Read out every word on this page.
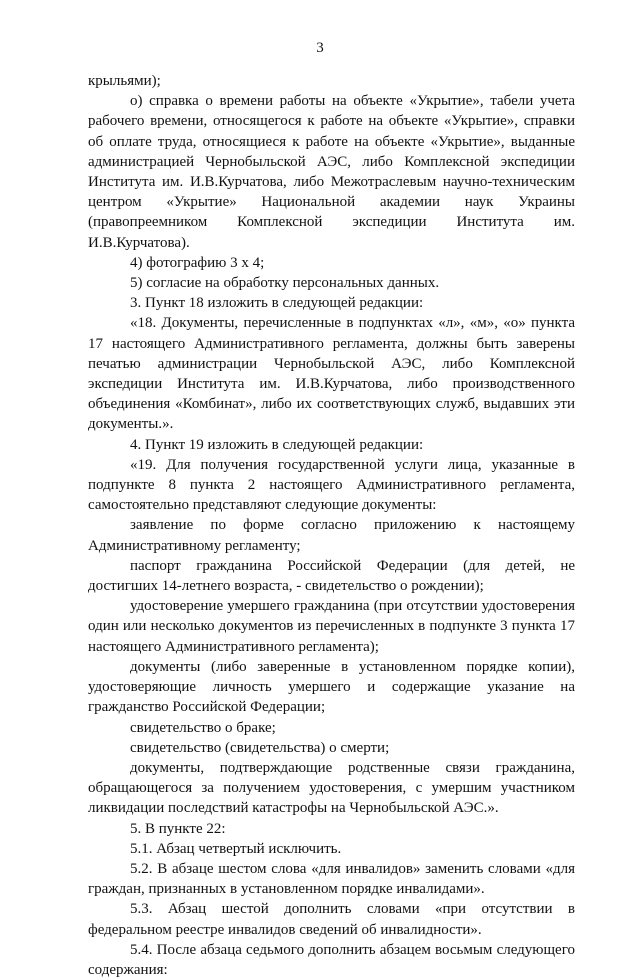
3

крыльями);

о) справка о времени работы на объекте «Укрытие», табели учета рабочего времени, относящегося к работе на объекте «Укрытие», справки об оплате труда, относящиеся к работе на объекте «Укрытие», выданные администрацией Чернобыльской АЭС, либо Комплексной экспедиции Института им. И.В.Курчатова, либо Межотраслевым научно-техническим центром «Укрытие» Национальной академии наук Украины (правопреемником Комплексной экспедиции Института им. И.В.Курчатова).

4) фотографию 3 х 4;

5) согласие на обработку персональных данных.

3. Пункт 18 изложить в следующей редакции:

«18. Документы, перечисленные в подпунктах «л», «м», «о» пункта 17 настоящего Административного регламента, должны быть заверены печатью администрации Чернобыльской АЭС, либо Комплексной экспедиции Института им. И.В.Курчатова, либо производственного объединения «Комбинат», либо их соответствующих служб, выдавших эти документы.».

4. Пункт 19 изложить в следующей редакции:

«19. Для получения государственной услуги лица, указанные в подпункте 8 пункта 2 настоящего Административного регламента, самостоятельно представляют следующие документы:

заявление по форме согласно приложению к настоящему Административному регламенту;

паспорт гражданина Российской Федерации (для детей, не достигших 14-летнего возраста, - свидетельство о рождении);

удостоверение умершего гражданина (при отсутствии удостоверения один или несколько документов из перечисленных в подпункте 3 пункта 17 настоящего Административного регламента);

документы (либо заверенные в установленном порядке копии), удостоверяющие личность умершего и содержащие указание на гражданство Российской Федерации;

свидетельство о браке;

свидетельство (свидетельства) о смерти;

документы, подтверждающие родственные связи гражданина, обращающегося за получением удостоверения, с умершим участником ликвидации последствий катастрофы на Чернобыльской АЭС.».

5. В пункте 22:

5.1. Абзац четвертый исключить.

5.2. В абзаце шестом слова «для инвалидов» заменить словами «для граждан, признанных в установленном порядке инвалидами».

5.3. Абзац шестой дополнить словами «при отсутствии в федеральном реестре инвалидов сведений об инвалидности».

5.4. После абзаца седьмого дополнить абзацем восьмым следующего содержания:
